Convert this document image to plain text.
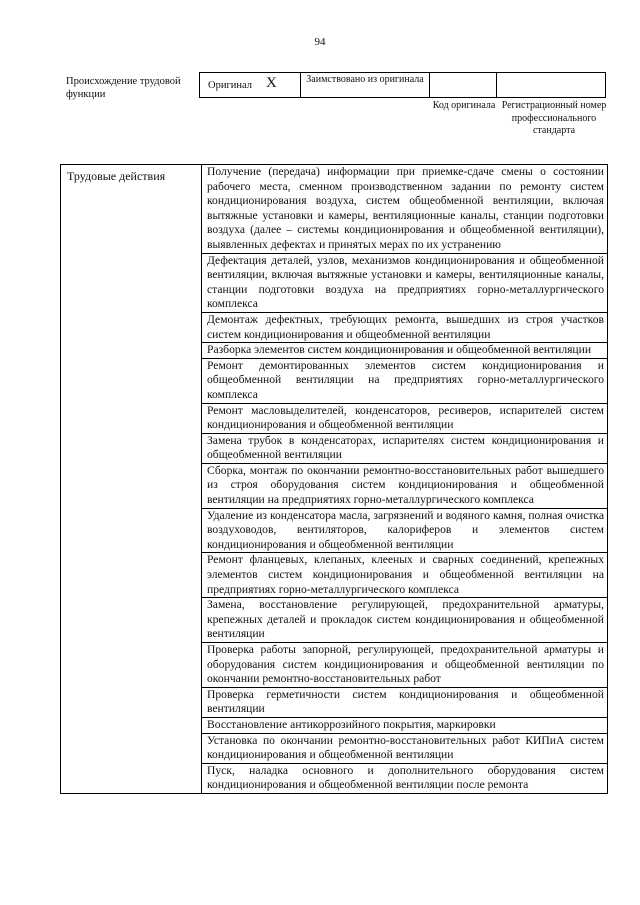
94
Происхождение трудовой функции
Оригинал X	Заимствовано из оригинала
Код оригинала Регистрационный номер профессионального стандарта
Трудовые действия	Получение (передача) информации при приемке-сдаче смены о состоянии рабочего места, сменном производственном задании по ремонту систем кондиционирования воздуха, систем общеобменной вентиляции, включая вытяжные установки и камеры, вентиляционные каналы, станции подготовки воздуха (далее – системы кондиционирования и общеобменной вентиляции), выявленных дефектах и принятых мерах по их устранению
Дефектация деталей, узлов, механизмов кондиционирования и общеобменной вентиляции, включая вытяжные установки и камеры, вентиляционные каналы, станции подготовки воздуха на предприятиях горно-металлургического комплекса
Демонтаж дефектных, требующих ремонта, вышедших из строя участков систем кондиционирования и общеобменной вентиляции
Разборка элементов систем кондиционирования и общеобменной вентиляции
Ремонт демонтированных элементов систем кондиционирования и общеобменной вентиляции на предприятиях горно-металлургического комплекса
Ремонт масловыделителей, конденсаторов, ресиверов, испарителей систем кондиционирования и общеобменной вентиляции
Замена трубок в конденсаторах, испарителях систем кондиционирования и общеобменной вентиляции
Сборка, монтаж по окончании ремонтно-восстановительных работ вышедшего из строя оборудования систем кондиционирования и общеобменной вентиляции на предприятиях горно-металлургического комплекса
Удаление из конденсатора масла, загрязнений и водяного камня, полная очистка воздуховодов, вентиляторов, калориферов и элементов систем кондиционирования и общеобменной вентиляции
Ремонт фланцевых, клепаных, клееных и сварных соединений, крепежных элементов систем кондиционирования и общеобменной вентиляции на предприятиях горно-металлургического комплекса
Замена, восстановление регулирующей, предохранительной арматуры, крепежных деталей и прокладок систем кондиционирования и общеобменной вентиляции
Проверка работы запорной, регулирующей, предохранительной арматуры и оборудования систем кондиционирования и общеобменной вентиляции по окончании ремонтно-восстановительных работ
Проверка герметичности систем кондиционирования и общеобменной вентиляции
Восстановление антикоррозийного покрытия, маркировки
Установка по окончании ремонтно-восстановительных работ КИПиА систем кондиционирования и общеобменной вентиляции
Пуск, наладка основного и дополнительного оборудования систем кондиционирования и общеобменной вентиляции после ремонта
